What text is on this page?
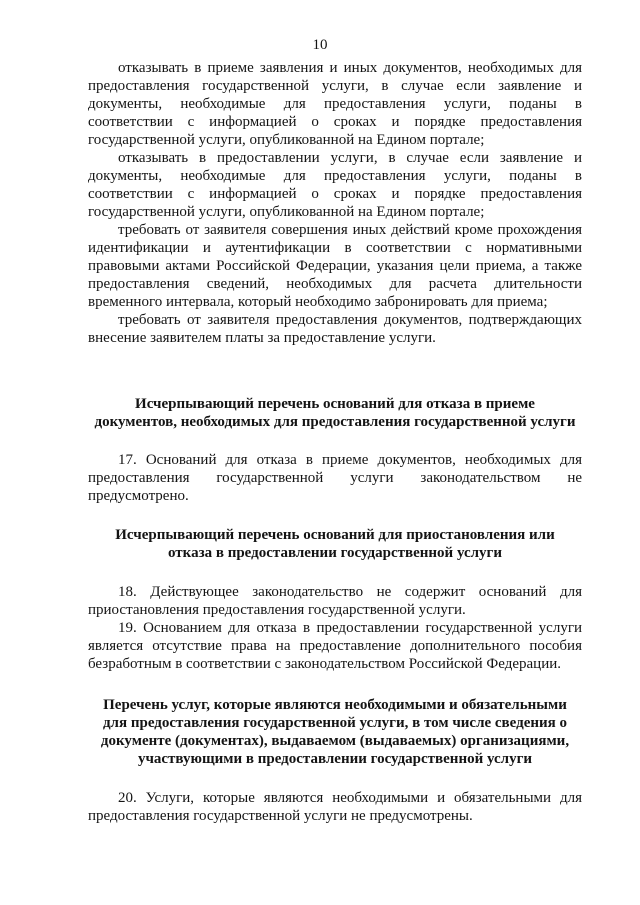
10

отказывать в приеме заявления и иных документов, необходимых для предоставления государственной услуги, в случае если заявление и документы, необходимые для предоставления услуги, поданы в соответствии с информацией о сроках и порядке предоставления государственной услуги, опубликованной на Едином портале;

отказывать в предоставлении услуги, в случае если заявление и документы, необходимые для предоставления услуги, поданы в соответствии с информацией о сроках и порядке предоставления государственной услуги, опубликованной на Едином портале;

требовать от заявителя совершения иных действий кроме прохождения идентификации и аутентификации в соответствии с нормативными правовыми актами Российской Федерации, указания цели приема, а также предоставления сведений, необходимых для расчета длительности временного интервала, который необходимо забронировать для приема;

требовать от заявителя предоставления документов, подтверждающих внесение заявителем платы за предоставление услуги.

Исчерпывающий перечень оснований для отказа в приеме документов, необходимых для предоставления государственной услуги

17. Оснований для отказа в приеме документов, необходимых для предоставления государственной услуги законодательством не предусмотрено.

Исчерпывающий перечень оснований для приостановления или отказа в предоставлении государственной услуги

18. Действующее законодательство не содержит оснований для приостановления предоставления государственной услуги.

19. Основанием для отказа в предоставлении государственной услуги является отсутствие права на предоставление дополнительного пособия безработным в соответствии с законодательством Российской Федерации.

Перечень услуг, которые являются необходимыми и обязательными для предоставления государственной услуги, в том числе сведения о документе (документах), выдаваемом (выдаваемых) организациями, участвующими в предоставлении государственной услуги

20. Услуги, которые являются необходимыми и обязательными для предоставления государственной услуги не предусмотрены.
